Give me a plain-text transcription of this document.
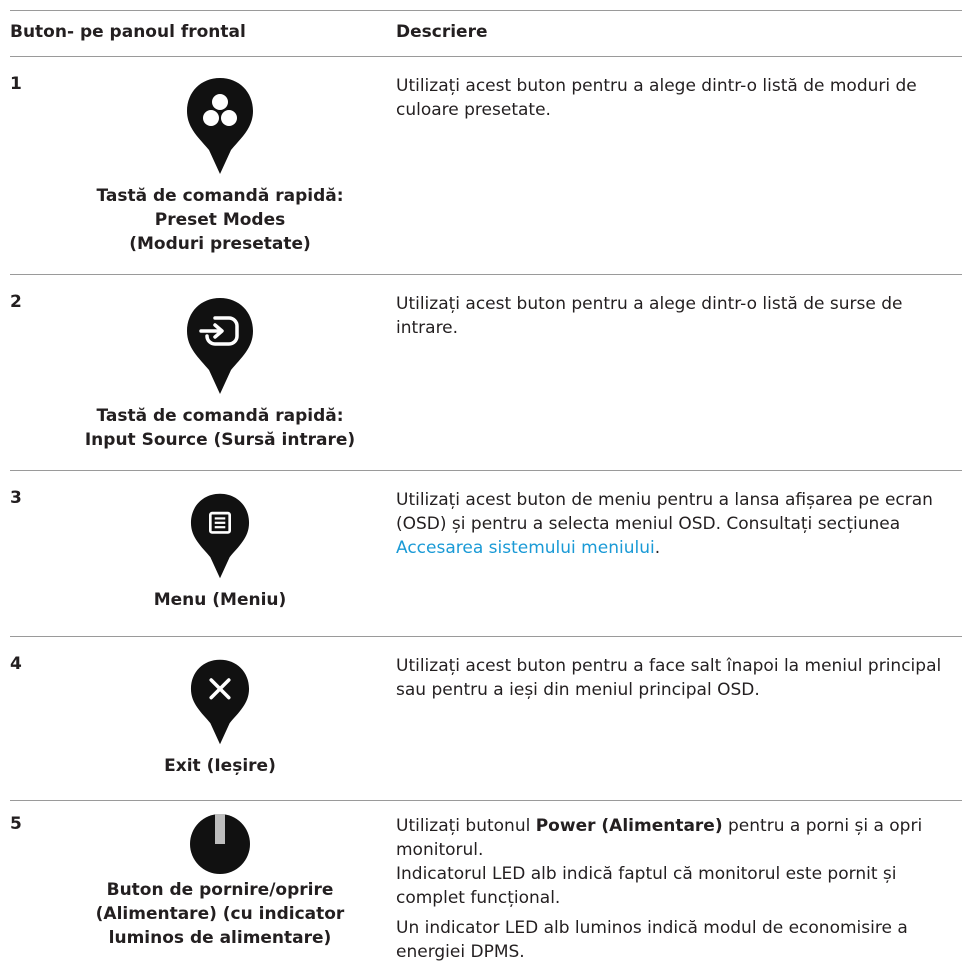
Buton- pe panoul frontal	Descriere
1
Tastă de comandă rapidă:
Preset Modes
(Moduri presetate)

Utilizați acest buton pentru a alege dintr-o listă de moduri de culoare presetate.

2
Tastă de comandă rapidă:
Input Source (Sursă intrare)

Utilizați acest buton pentru a alege dintr-o listă de surse de intrare.

3
Menu (Meniu)

Utilizați acest buton de meniu pentru a lansa afișarea pe ecran (OSD) și pentru a selecta meniul OSD. Consultați secțiunea Accesarea sistemului meniului.

4
Exit (Ieșire)

Utilizați acest buton pentru a face salt înapoi la meniul principal sau pentru a ieși din meniul principal OSD.

5
Buton de pornire/oprire
(Alimentare) (cu indicator
luminos de alimentare)

Utilizați butonul Power (Alimentare) pentru a porni și a opri monitorul.

Indicatorul LED alb indică faptul că monitorul este pornit și complet funcțional.

Un indicator LED alb luminos indică modul de economisire a energiei DPMS.
